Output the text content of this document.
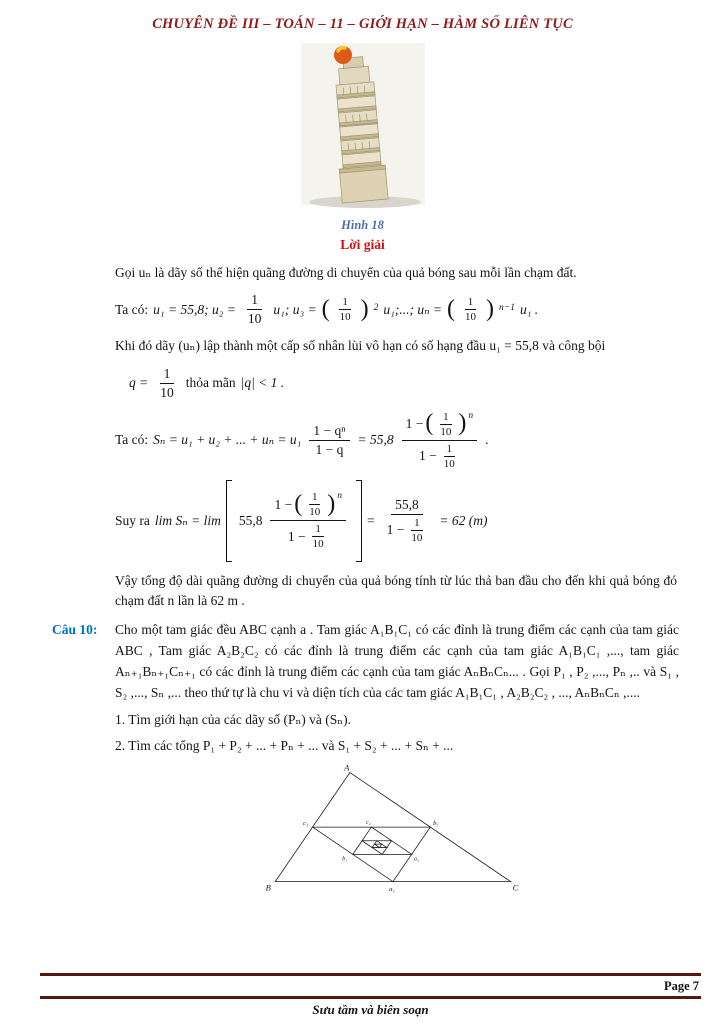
CHUYÊN ĐỀ III – TOÁN – 11 – GIỚI HẠN – HÀM SỐ LIÊN TỤC
Hình 18
Lời giải

Gọi uₙ là dãy số thể hiện quãng đường di chuyển của quả bóng sau mỗi lần chạm đất.

Ta có: u₁ = 55,8; $u_2 = \frac{1}{10} u_1$; u₃ = ( $\frac{1}{10}$ ) $^2$ u₁;...; uₙ = ( $\frac{1}{10}$ ) $^{n-1}$ u₁ .

Khi đó dãy (uₙ) lập thành một cấp số nhân lùi vô hạn có số hạng đầu u₁ = 55,8 và công bội

$q = \frac{1}{10}$ thỏa mãn |q| < 1 .
Ta có: Sₙ = u₁ + u₂ + ... + $u_n = u_1 \frac{\text{1 − qⁿ}}{1 - q} = 55,8$
1 − ( $\frac{1}{10}$ ) n
$1 - \frac{1}{10}$
.
Suy ra lim Sₙ = lim 55,8
1 − ( $\frac{1}{10}$ ) n
$1 - \frac{1}{10}$
= $\frac{55,8}{1 - \frac{1}{10}} = 62$ (m)

Vậy tổng độ dài quãng đường di chuyển của quả bóng tính từ lúc thả ban đầu cho đến khi quả bóng đó chạm đất n lần là 62 m .

Câu 10:	Cho một tam giác đều ABC cạnh a . Tam giác A₁B₁C₁ có các đỉnh là trung điểm các cạnh của tam giác ABC , Tam giác A₂B₂C₂ có các đỉnh là trung điểm các cạnh của tam giác A₁B₁C₁ ,..., tam giác Aₙ₊₁Bₙ₊₁Cₙ₊₁ có các đỉnh là trung điểm các cạnh của tam giác AₙBₙCₙ... . Gọi P₁ , P₂ ,..., Pₙ ,.. và S₁ , S₂ ,..., Sₙ ,... theo thứ tự là chu vi và diện tích của các tam giác A₁B₁C₁ , A₂B₂C₂ , ..., AₙBₙCₙ ,....

1. Tìm giới hạn của các dãy số (Pₙ) và (Sₙ).

2. Tìm các tổng P₁ + P₂ + ... + Pₙ + ... và S₁ + S₂ + ... + Sₙ + ...

A
B	C
c₁	b₁
a₁
c₂
a₂
b₂
Page 7
Sưu tầm và biên soạn
